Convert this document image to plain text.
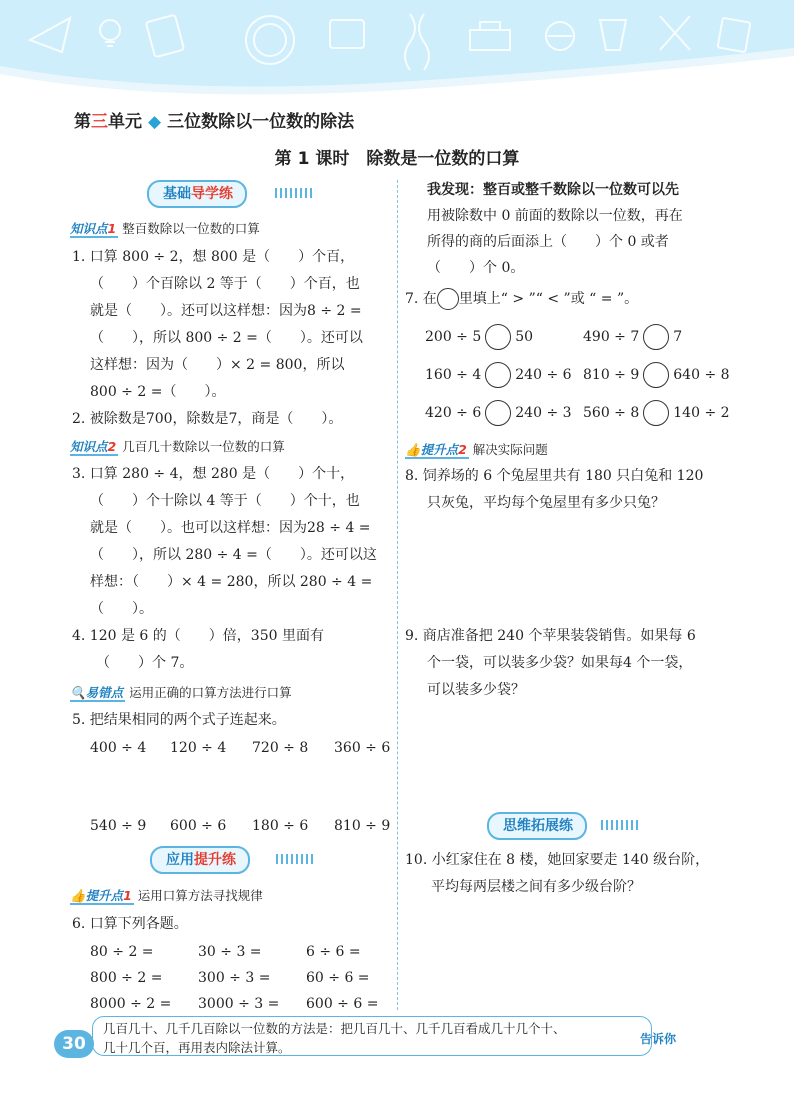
第三单元 ◆ 三位数除以一位数的除法
第 1 课时　除数是一位数的口算
基础导学练
知识点1 整百数除以一位数的口算
1. 口算 800 ÷ 2，想 800 是（　　）个百，
（　　）个百除以 2 等于（　　）个百，也
就是（　　）。还可以这样想：因为8 ÷ 2 =
（　　），所以 800 ÷ 2 =（　　）。还可以
这样想：因为（　　）× 2 = 800，所以
800 ÷ 2 =（　　）。
2. 被除数是700，除数是7，商是（　　）。
知识点2 几百几十数除以一位数的口算
3. 口算 280 ÷ 4，想 280 是（　　）个十，
（　　）个十除以 4 等于（　　）个十，也
就是（　　）。也可以这样想：因为28 ÷ 4 =
（　　），所以 280 ÷ 4 =（　　）。还可以这
样想：（　　）× 4 = 280，所以 280 ÷ 4 =
（　　）。
4. 120 是 6 的（　　）倍，350 里面有
（　　）个 7。
🔍易错点 运用正确的口算方法进行口算
5. 把结果相同的两个式子连起来。
400 ÷ 4 120 ÷ 4 720 ÷ 8 360 ÷ 6
540 ÷ 9 600 ÷ 6 180 ÷ 6 810 ÷ 9
应用提升练
👍提升点1 运用口算方法寻找规律
6. 口算下列各题。
80 ÷ 2 =	30 ÷ 3 =	6 ÷ 6 =
800 ÷ 2 =	300 ÷ 3 =	60 ÷ 6 =
8000 ÷ 2 = 3000 ÷ 3 = 600 ÷ 6 =
我发现：整百或整千数除以一位数可以先
用被除数中 0 前面的数除以一位数，再在
所得的商的后面添上（　　）个 0 或者
（　　）个 0。
7. 在 里填上“ > ”“ < ”或 “ = ”。
200 ÷ 5 50	490 ÷ 7 7
160 ÷ 4 240 ÷ 6 810 ÷ 9 640 ÷ 8
420 ÷ 6 240 ÷ 3 560 ÷ 8 140 ÷ 2
👍提升点2 解决实际问题
8. 饲养场的 6 个兔屋里共有 180 只白兔和 120
只灰兔，平均每个兔屋里有多少只兔？
9. 商店准备把 240 个苹果装袋销售。如果每 6
个一袋，可以装多少袋？如果每4 个一袋，
可以装多少袋？
思维拓展练
10. 小红家住在 8 楼，她回家要走 140 级台阶，
平均每两层楼之间有多少级台阶？
30
几百几十、几千几百除以一位数的方法是：把几百几十、几千几百看成几十几个十、
几十几个百，再用表内除法计算。
告诉你
